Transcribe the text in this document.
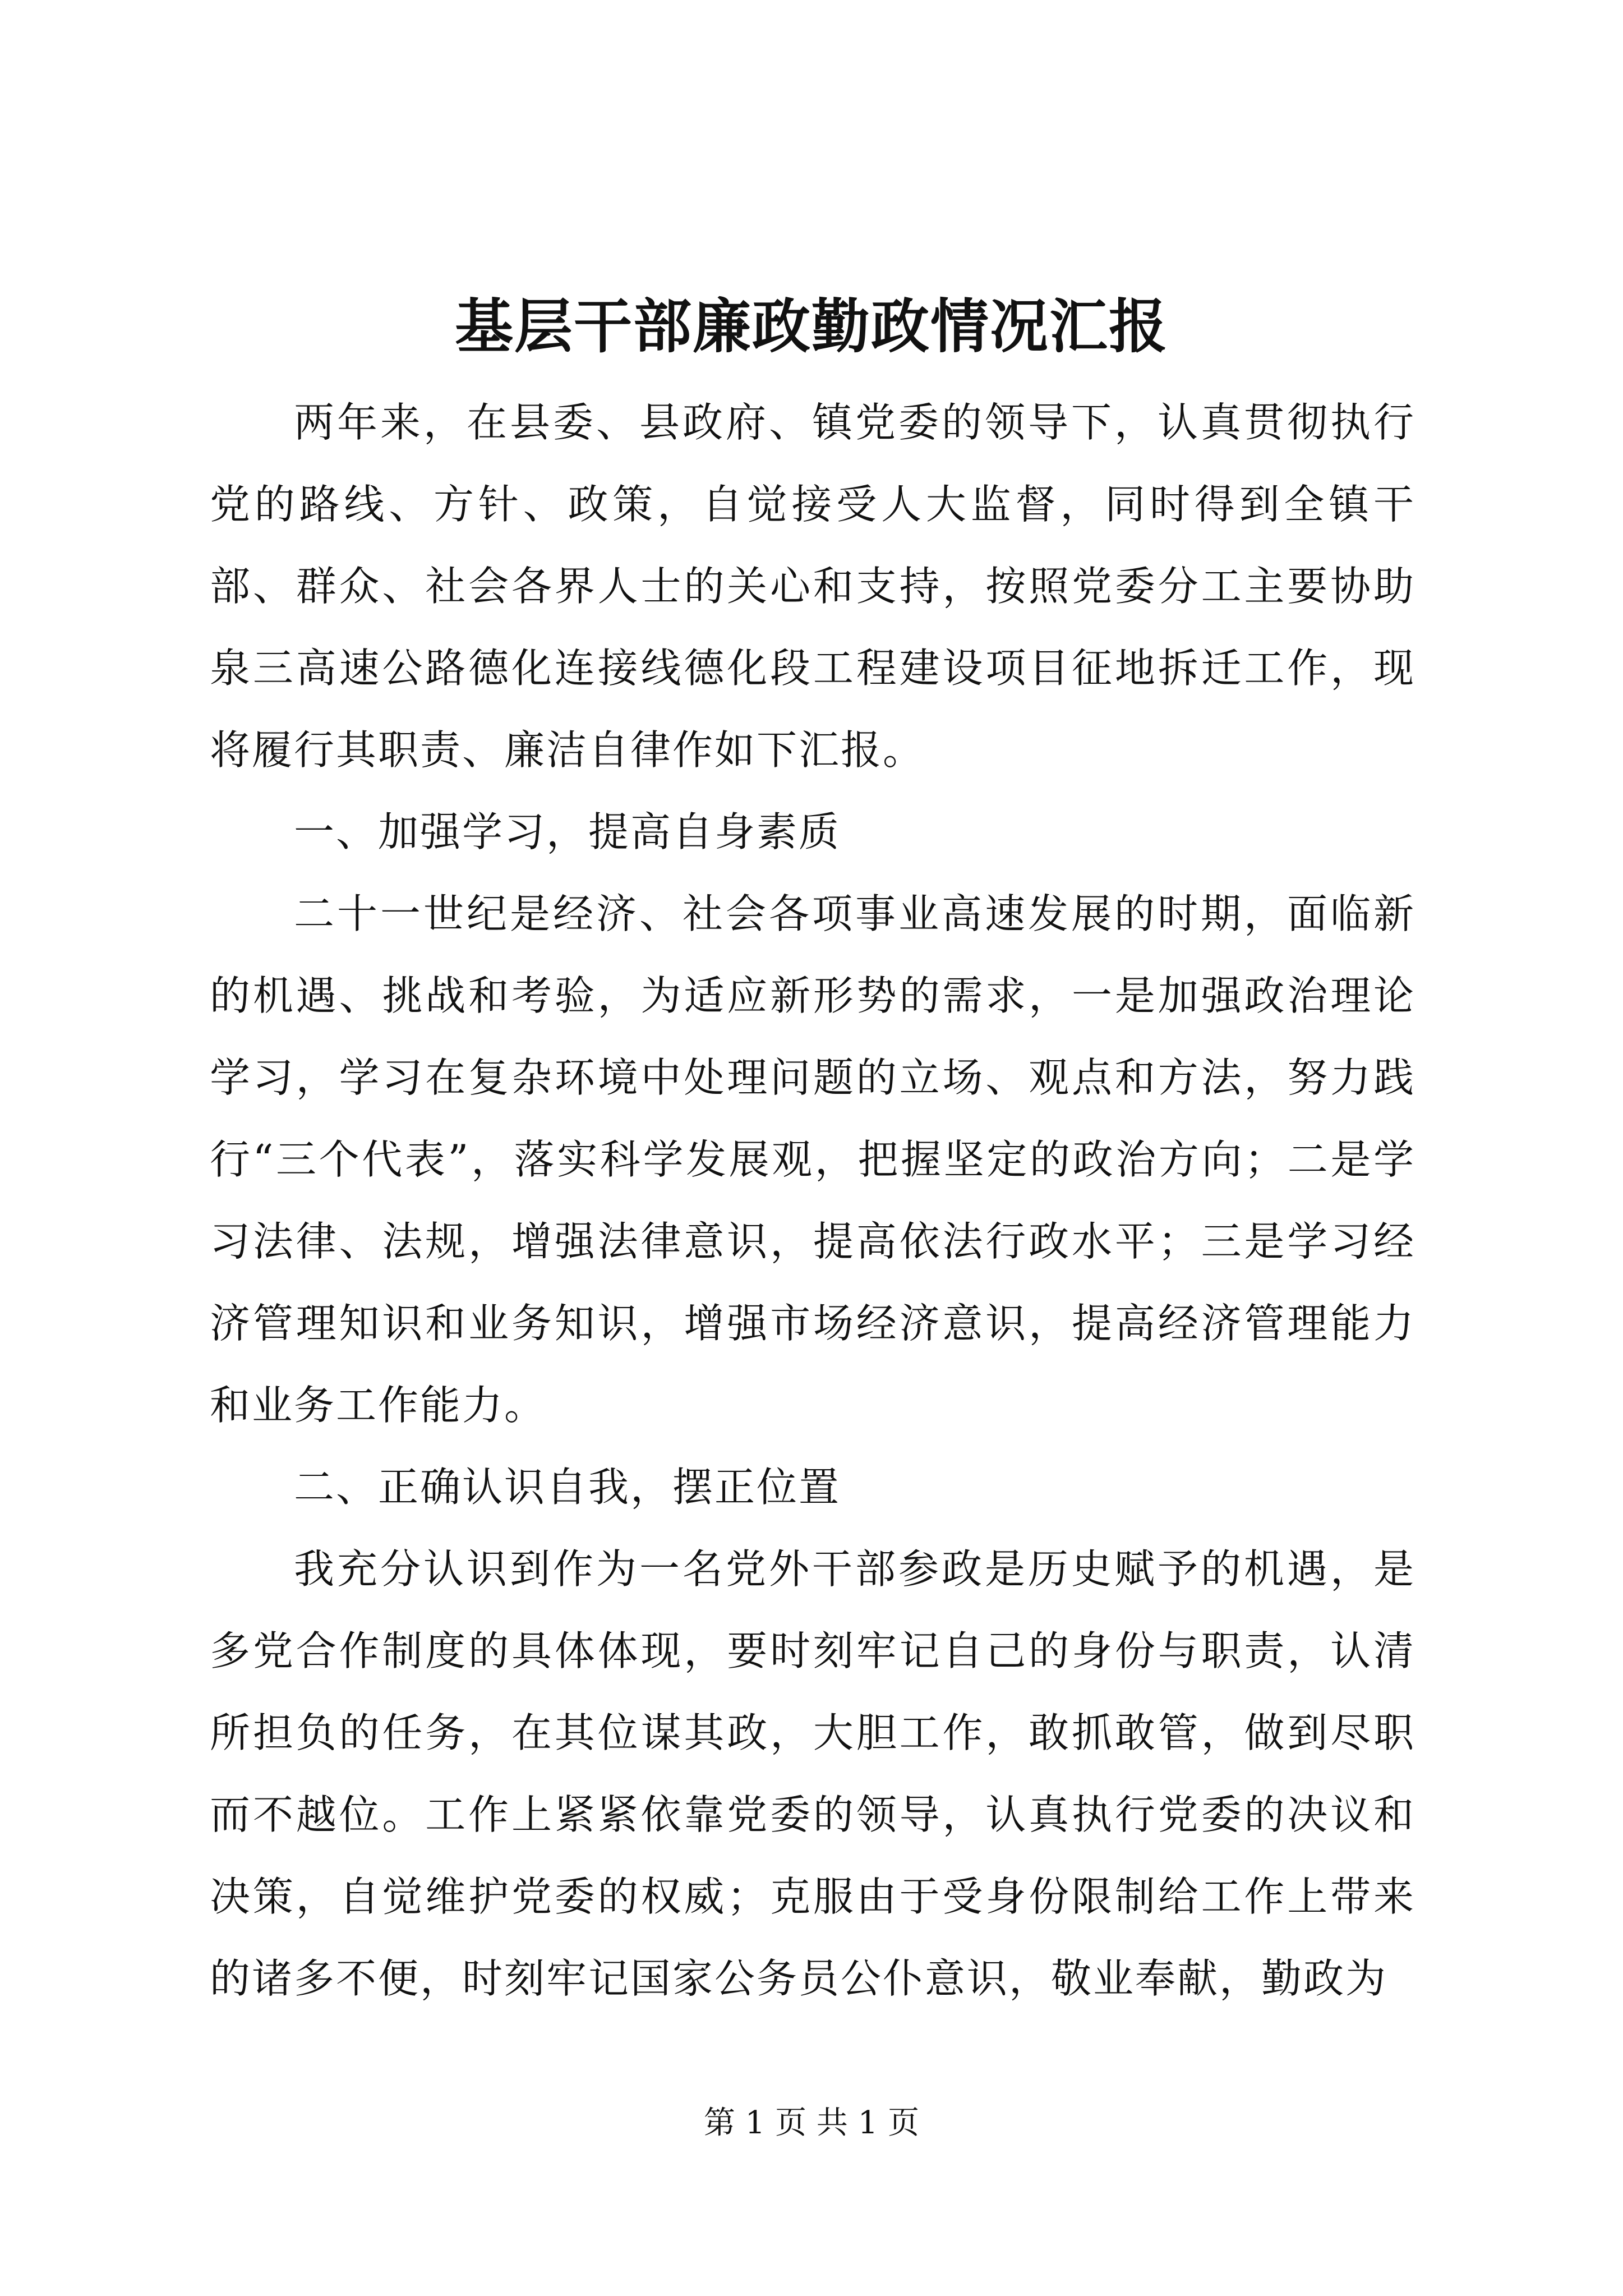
基层干部廉政勤政情况汇报

两年来，在县委、县政府、镇党委的领导下，认真贯彻执行党的路线、方针、政策，自觉接受人大监督，同时得到全镇干部、群众、社会各界人士的关心和支持，按照党委分工主要协助泉三高速公路德化连接线德化段工程建设项目征地拆迁工作，现将履行其职责、廉洁自律作如下汇报。

一、加强学习，提高自身素质

二十一世纪是经济、社会各项事业高速发展的时期，面临新的机遇、挑战和考验，为适应新形势的需求，一是加强政治理论学习，学习在复杂环境中处理问题的立场、观点和方法，努力践行“三个代表”，落实科学发展观，把握坚定的政治方向；二是学习法律、法规，增强法律意识，提高依法行政水平；三是学习经济管理知识和业务知识，增强市场经济意识，提高经济管理能力和业务工作能力。

二、正确认识自我，摆正位置

我充分认识到作为一名党外干部参政是历史赋予的机遇，是多党合作制度的具体体现，要时刻牢记自己的身份与职责，认清所担负的任务，在其位谋其政，大胆工作，敢抓敢管，做到尽职而不越位。工作上紧紧依靠党委的领导，认真执行党委的决议和决策，自觉维护党委的权威；克服由于受身份限制给工作上带来的诸多不便，时刻牢记国家公务员公仆意识，敬业奉献，勤政为

第 1 页 共 1 页
